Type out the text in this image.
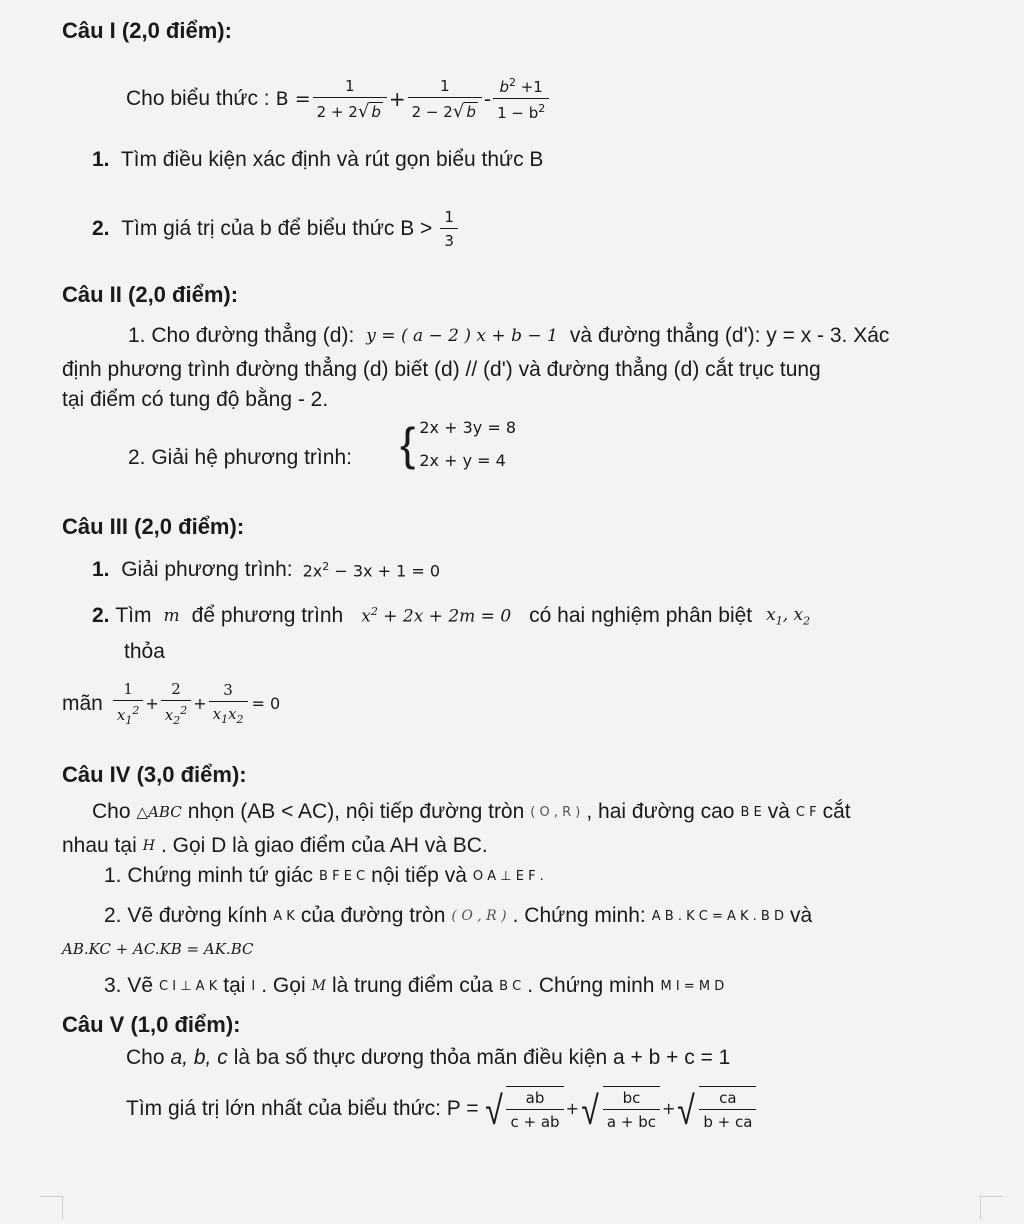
Câu I (2,0 điểm):
Cho biểu thức : $B = \frac{1}{2 + 2√ b} + \frac{1}{2 - 2√ b} - \frac{b^2 +1}{1 - b^2}$
1. Tìm điều kiện xác định và rút gọn biểu thức B
2.
Tìm giá trị của b để biểu thức $B > \frac{1}{3}$
Câu II (2,0 điểm):
1. Cho đường thẳng (d): y = ( a − 2 ) x + b − 1 và đường thẳng (d'): y = x - 3. Xác
định phương trình đường thẳng (d) biết (d) // (d') và đường thẳng (d) cắt trục tung
tại điểm có tung độ bằng - 2.
2. Giải hệ phương trình: { 2x + 3y = 8
2x + y = 4
Câu III (2,0 điểm):
1.
Giải phương trình: $2x^2 - 3x + 1 = 0$
2.
Tìm m để phương trình $x^2 + 2x + 2m = 0$ có hai nghiệm phân biệt $x_1$, $x_2$
thỏa
mãn $\frac{1}{x_1^2} + \frac{2}{x_2^2} + \frac{3}{x_1x_2} = 0$
Câu IV (3,0 điểm):
Cho △ABC nhọn (AB < AC), nội tiếp đường tròn ( O , R ) , hai đường cao B E và C F cắt
nhau tại H . Gọi D là giao điểm của AH và BC.
1. Chứng minh tứ giác B F E C nội tiếp và O A ⊥ E F .
2. Vẽ đường kính A K của đường tròn ( O , R ) . Chứng minh: A B . K C = A K . B D và
AB.KC + AC.KB = AK.BC
3. Vẽ C I ⊥ A K tại I . Gọi M là trung điểm của B C . Chứng minh M I = M D
Câu V (1,0 điểm):
Cho a, b, c là ba số thực dương thỏa mãn điều kiện a + b + c = 1
Tìm giá trị lớn nhất của biểu thức: P = √ $\frac{ab}{c + ab}$ + √ $\frac{bc}{a + bc}$ + √ $\frac{ca}{b + ca}$
